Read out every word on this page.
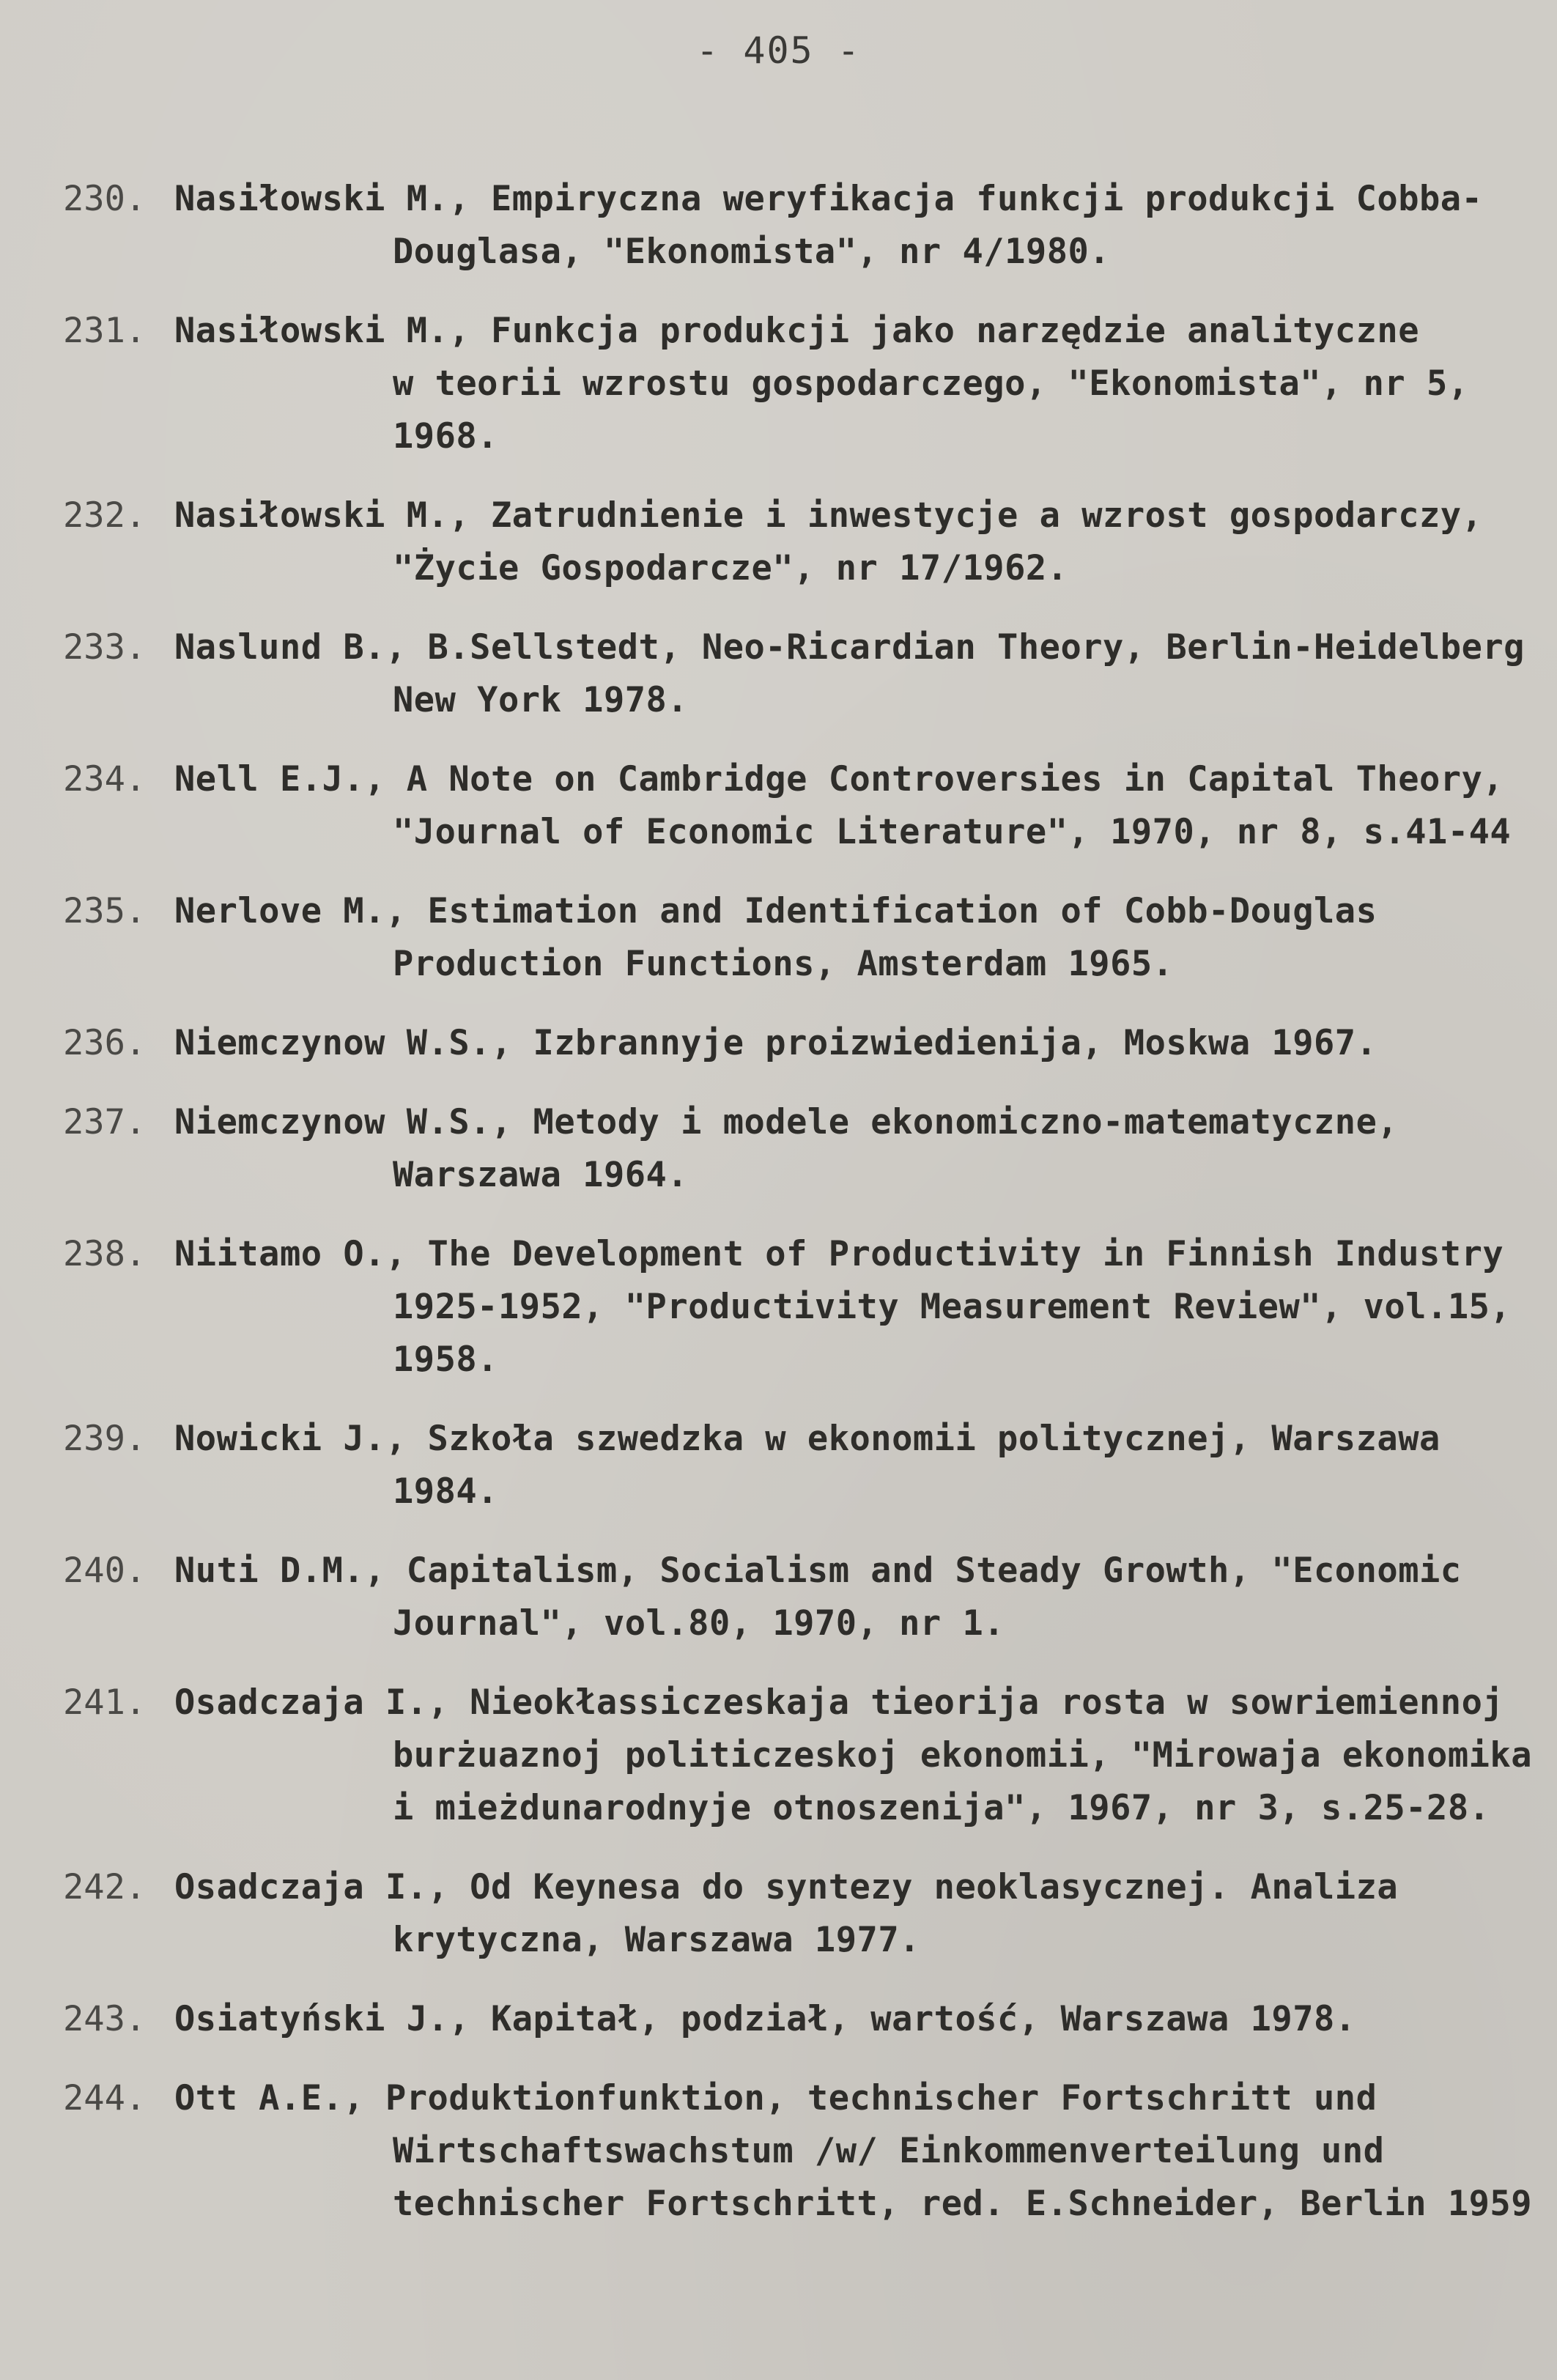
- 405 -
230. Nasiłowski M., Empiryczna weryfikacja funkcji produkcji Cobba-
Douglasa, "Ekonomista", nr 4/1980.
231. Nasiłowski M., Funkcja produkcji jako narzędzie analityczne
w teorii wzrostu gospodarczego, "Ekonomista", nr 5,
1968.
232. Nasiłowski M., Zatrudnienie i inwestycje a wzrost gospodarczy,
"Życie Gospodarcze", nr 17/1962.
233. Naslund B., B.Sellstedt, Neo-Ricardian Theory, Berlin-Heidelberg
New York 1978.
234. Nell E.J., A Note on Cambridge Controversies in Capital Theory,
"Journal of Economic Literature", 1970, nr 8, s.41-44
235. Nerlove M., Estimation and Identification of Cobb-Douglas
Production Functions, Amsterdam 1965.
236. Niemczynow W.S., Izbrannyje proizwiedienija, Moskwa 1967.
237. Niemczynow W.S., Metody i modele ekonomiczno-matematyczne,
Warszawa 1964.
238. Niitamo O., The Development of Productivity in Finnish Industry
1925-1952, "Productivity Measurement Review", vol.15,
1958.
239. Nowicki J., Szkoła szwedzka w ekonomii politycznej, Warszawa
1984.
240. Nuti D.M., Capitalism, Socialism and Steady Growth, "Economic
Journal", vol.80, 1970, nr 1.
241. Osadczaja I., Nieokłassiczeskaja tieorija rosta w sowriemiennoj
burżuaznoj politiczeskoj ekonomii, "Mirowaja ekonomika
i mieżdunarodnyje otnoszenija", 1967, nr 3, s.25-28.
242. Osadczaja I., Od Keynesa do syntezy neoklasycznej. Analiza
krytyczna, Warszawa 1977.
243. Osiatyński J., Kapitał, podział, wartość, Warszawa 1978.
244. Ott A.E., Produktionfunktion, technischer Fortschritt und
Wirtschaftswachstum /w/ Einkommenverteilung und
technischer Fortschritt, red. E.Schneider, Berlin 1959
